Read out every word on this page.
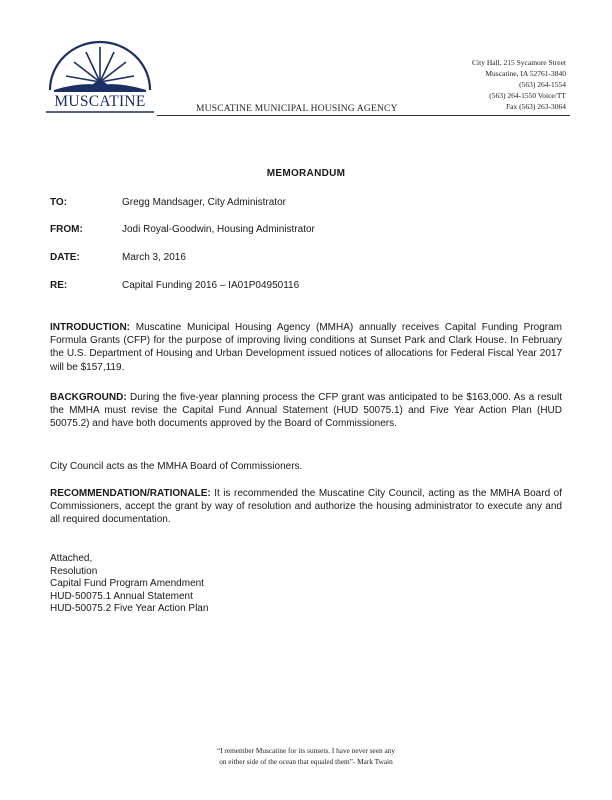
MUSCATINE	MUSCATINE MUNICIPAL HOUSING AGENCY
City Hall, 215 Sycamore Street
Muscatine, IA 52761-3840
(563) 264-1554
(563) 264-1550 Voice/TT
Fax (563) 263-3064
MEMORANDUM
TO:	Gregg Mandsager, City Administrator
FROM:	Jodi Royal-Goodwin, Housing Administrator
DATE:	March 3, 2016
RE:	Capital Funding 2016 – IA01P04950116
INTRODUCTION: Muscatine Municipal Housing Agency (MMHA) annually receives Capital Funding Program Formula Grants (CFP) for the purpose of improving living conditions at Sunset Park and Clark House. In February the U.S. Department of Housing and Urban Development issued notices of allocations for Federal Fiscal Year 2017 will be $157,119.
BACKGROUND: During the five-year planning process the CFP grant was anticipated to be $163,000. As a result the MMHA must revise the Capital Fund Annual Statement (HUD 50075.1) and Five Year Action Plan (HUD 50075.2) and have both documents approved by the Board of Commissioners.
City Council acts as the MMHA Board of Commissioners.
RECOMMENDATION/RATIONALE: It is recommended the Muscatine City Council, acting as the MMHA Board of Commissioners, accept the grant by way of resolution and authorize the housing administrator to execute any and all required documentation.
Attached,
Resolution
Capital Fund Program Amendment
HUD-50075.1 Annual Statement
HUD-50075.2 Five Year Action Plan
“I remember Muscatine for its sunsets. I have never seen any
on either side of the ocean that equaled them”- Mark Twain
